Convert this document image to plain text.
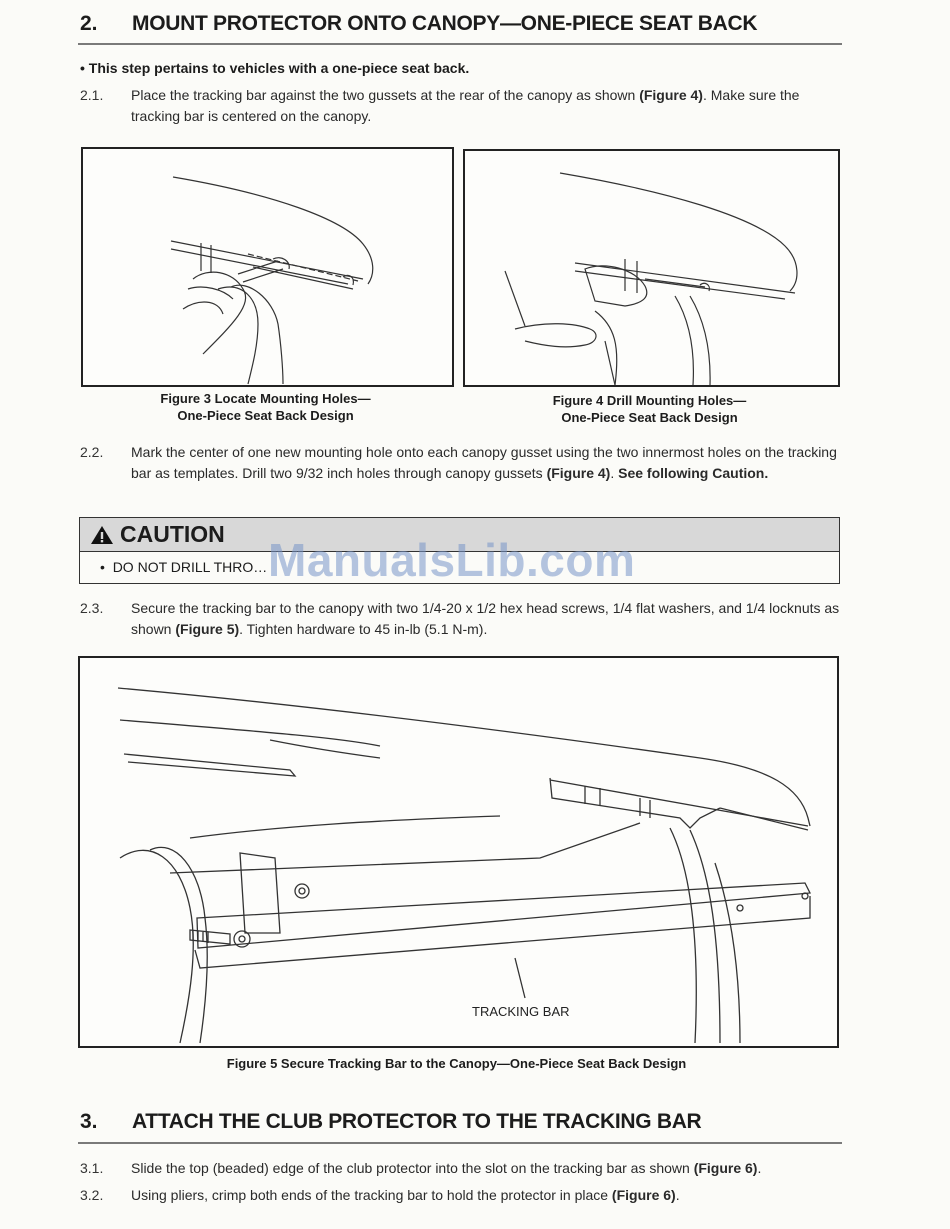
2. MOUNT PROTECTOR ONTO CANOPY—ONE-PIECE SEAT BACK
• This step pertains to vehicles with a one-piece seat back.
2.1. Place the tracking bar against the two gussets at the rear of the canopy as shown (Figure 4). Make sure the tracking bar is centered on the canopy.
Figure 3 Locate Mounting Holes—
One-Piece Seat Back Design
Figure 4 Drill Mounting Holes—
One-Piece Seat Back Design
2.2. Mark the center of one new mounting hole onto each canopy gusset using the two innermost holes on the tracking bar as templates. Drill two 9/32 inch holes through canopy gussets (Figure 4). See following Caution.
CAUTION
• DO NOT DRILL THRO… ManualsLib.com
2.3. Secure the tracking bar to the canopy with two 1/4-20 x 1/2 hex head screws, 1/4 flat washers, and 1/4 locknuts as shown (Figure 5). Tighten hardware to 45 in-lb (5.1 N-m).
TRACKING BAR
Figure 5 Secure Tracking Bar to the Canopy—One-Piece Seat Back Design
3. ATTACH THE CLUB PROTECTOR TO THE TRACKING BAR
3.1. Slide the top (beaded) edge of the club protector into the slot on the tracking bar as shown (Figure 6).
3.2. Using pliers, crimp both ends of the tracking bar to hold the protector in place (Figure 6).
